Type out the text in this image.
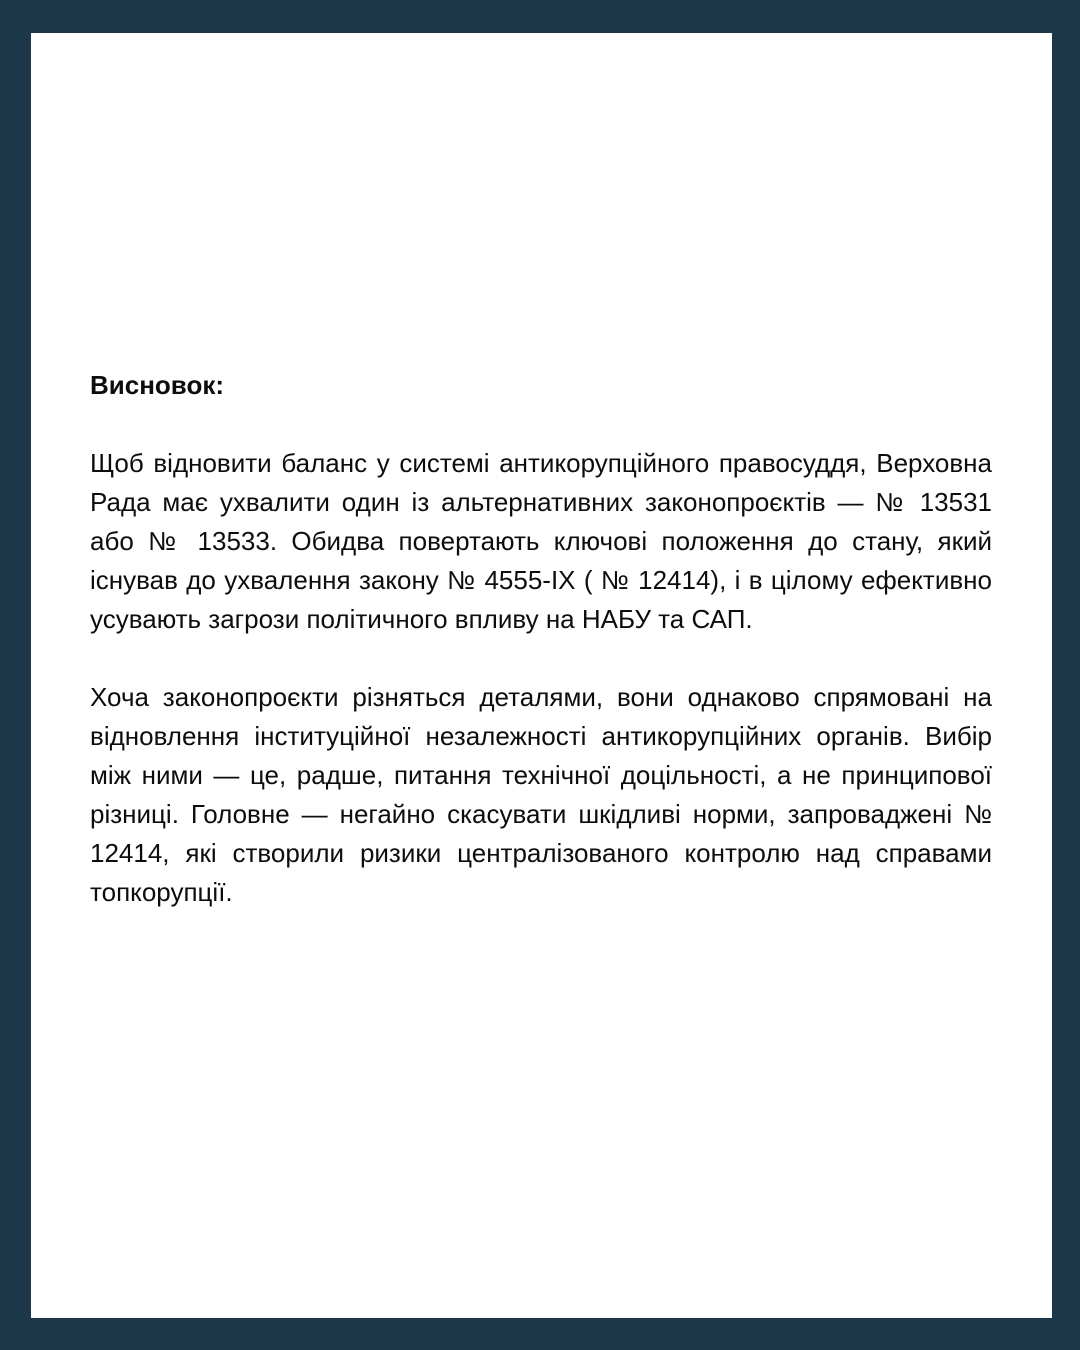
Висновок:

Щоб відновити баланс у системі антикорупційного правосуддя, Верховна Рада має ухвалити один із альтернативних законопроєктів — № 13531 або № 13533. Обидва повертають ключові положення до стану, який існував до ухвалення закону № 4555-IX ( № 12414), і в цілому ефективно усувають загрози політичного впливу на НАБУ та САП.

Хоча законопроєкти різняться деталями, вони однаково спрямовані на відновлення інституційної незалежності антикорупційних органів. Вибір між ними — це, радше, питання технічної доцільності, а не принципової різниці. Головне — негайно скасувати шкідливі норми, запроваджені № 12414, які створили ризики централізованого контролю над справами топкорупції.
